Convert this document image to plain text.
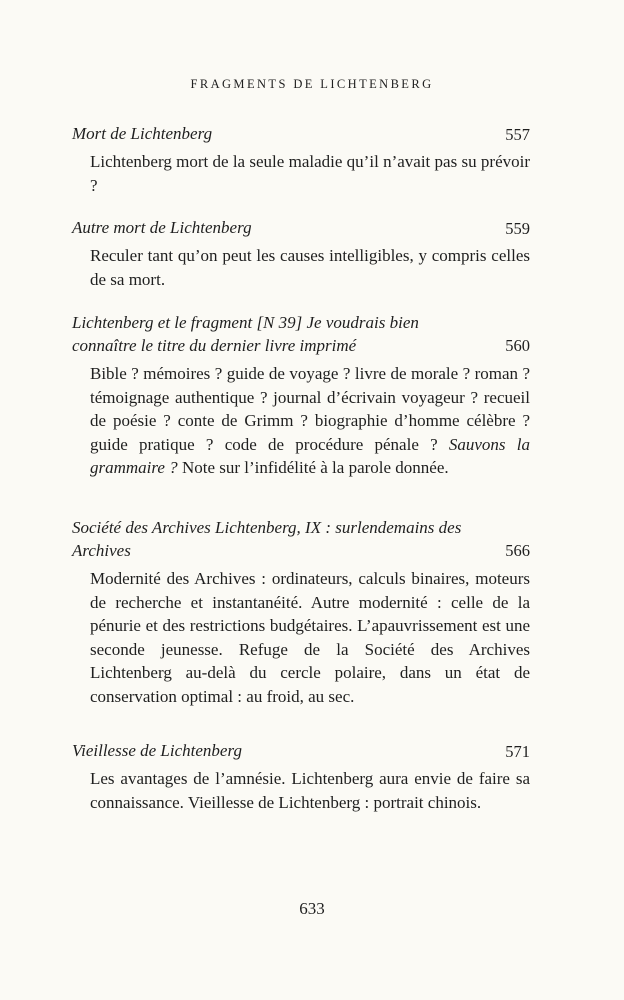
FRAGMENTS DE LICHTENBERG
557

Mort de Lichtenberg

Lichtenberg mort de la seule maladie qu’il n’avait pas su prévoir ?

559

Autre mort de Lichtenberg

Reculer tant qu’on peut les causes intelligibles, y compris celles de sa mort.

560

Lichtenberg et le fragment [N 39] Je voudrais bien connaître le titre du dernier livre imprimé

Bible ? mémoires ? guide de voyage ? livre de morale ? roman ? témoignage authentique ? journal d’écrivain voyageur ? recueil de poésie ? conte de Grimm ? biographie d’homme célèbre ? guide pratique ? code de procédure pénale ? Sauvons la grammaire ? Note sur l’infidélité à la parole donnée.

566

Société des Archives Lichtenberg, IX : surlendemains des Archives

Modernité des Archives : ordinateurs, calculs binaires, moteurs de recherche et instantanéité. Autre modernité : celle de la pénurie et des restrictions budgétaires. L’apauvrissement est une seconde jeunesse. Refuge de la Société des Archives Lichtenberg au-delà du cercle polaire, dans un état de conservation optimal : au froid, au sec.

571

Vieillesse de Lichtenberg

Les avantages de l’amnésie. Lichtenberg aura envie de faire sa connaissance. Vieillesse de Lichtenberg : portrait chinois.

633
